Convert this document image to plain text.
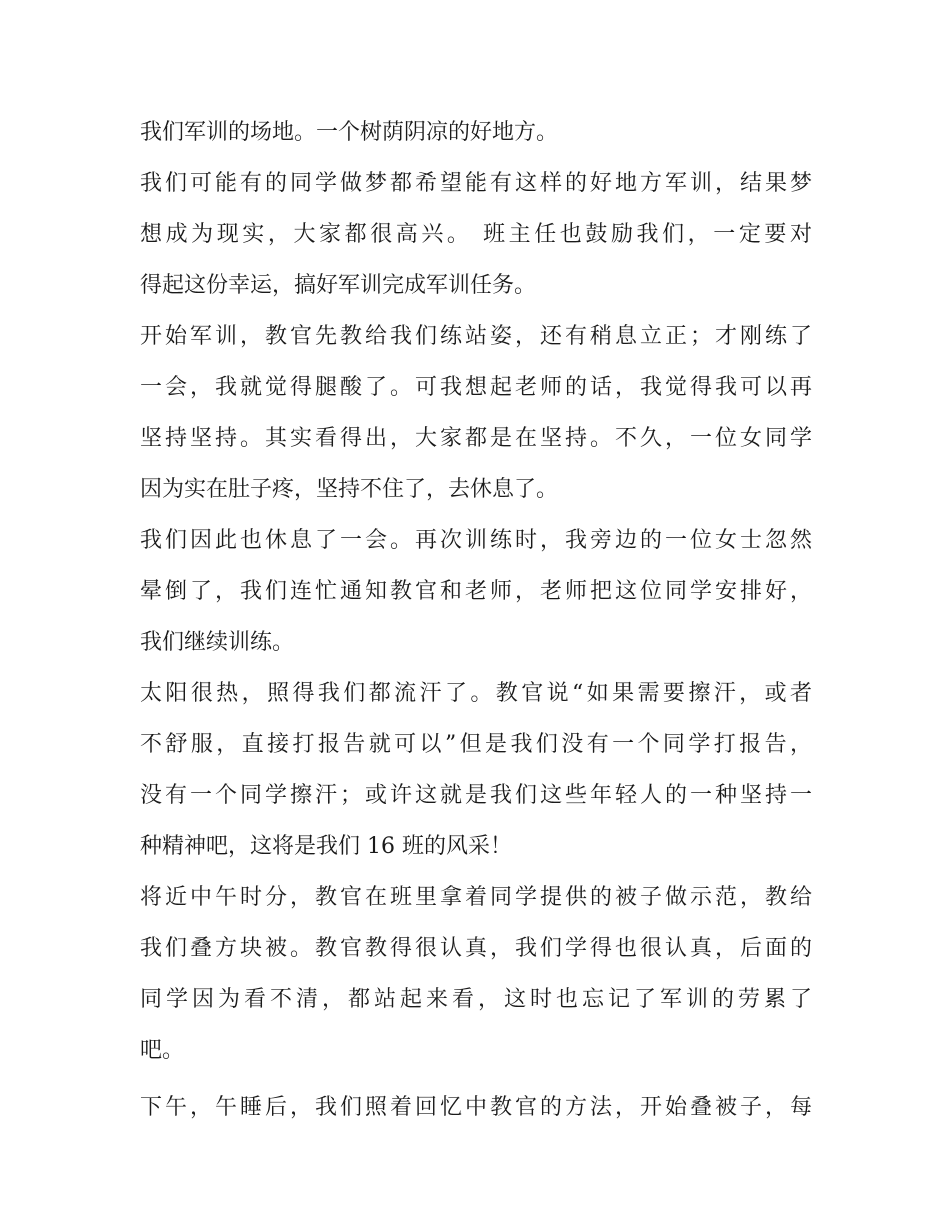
我们军训的场地。一个树荫阴凉的好地方。
我们可能有的同学做梦都希望能有这样的好地方军训，结果梦
想成为现实，大家都很高兴。 班主任也鼓励我们，一定要对
得起这份幸运，搞好军训完成军训任务。
开始军训，教官先教给我们练站姿，还有稍息立正；才刚练了
一会，我就觉得腿酸了。可我想起老师的话，我觉得我可以再
坚持坚持。其实看得出，大家都是在坚持。不久，一位女同学
因为实在肚子疼，坚持不住了，去休息了。
我们因此也休息了一会。再次训练时，我旁边的一位女士忽然
晕倒了，我们连忙通知教官和老师，老师把这位同学安排好，
我们继续训练。
太阳很热，照得我们都流汗了。教官说“如果需要擦汗，或者
不舒服，直接打报告就可以”但是我们没有一个同学打报告，
没有一个同学擦汗；或许这就是我们这些年轻人的一种坚持一
种精神吧，这将是我们 16 班的风采！
将近中午时分，教官在班里拿着同学提供的被子做示范，教给
我们叠方块被。教官教得很认真，我们学得也很认真，后面的
同学因为看不清，都站起来看，这时也忘记了军训的劳累了
吧。
下午，午睡后，我们照着回忆中教官的方法，开始叠被子，每
